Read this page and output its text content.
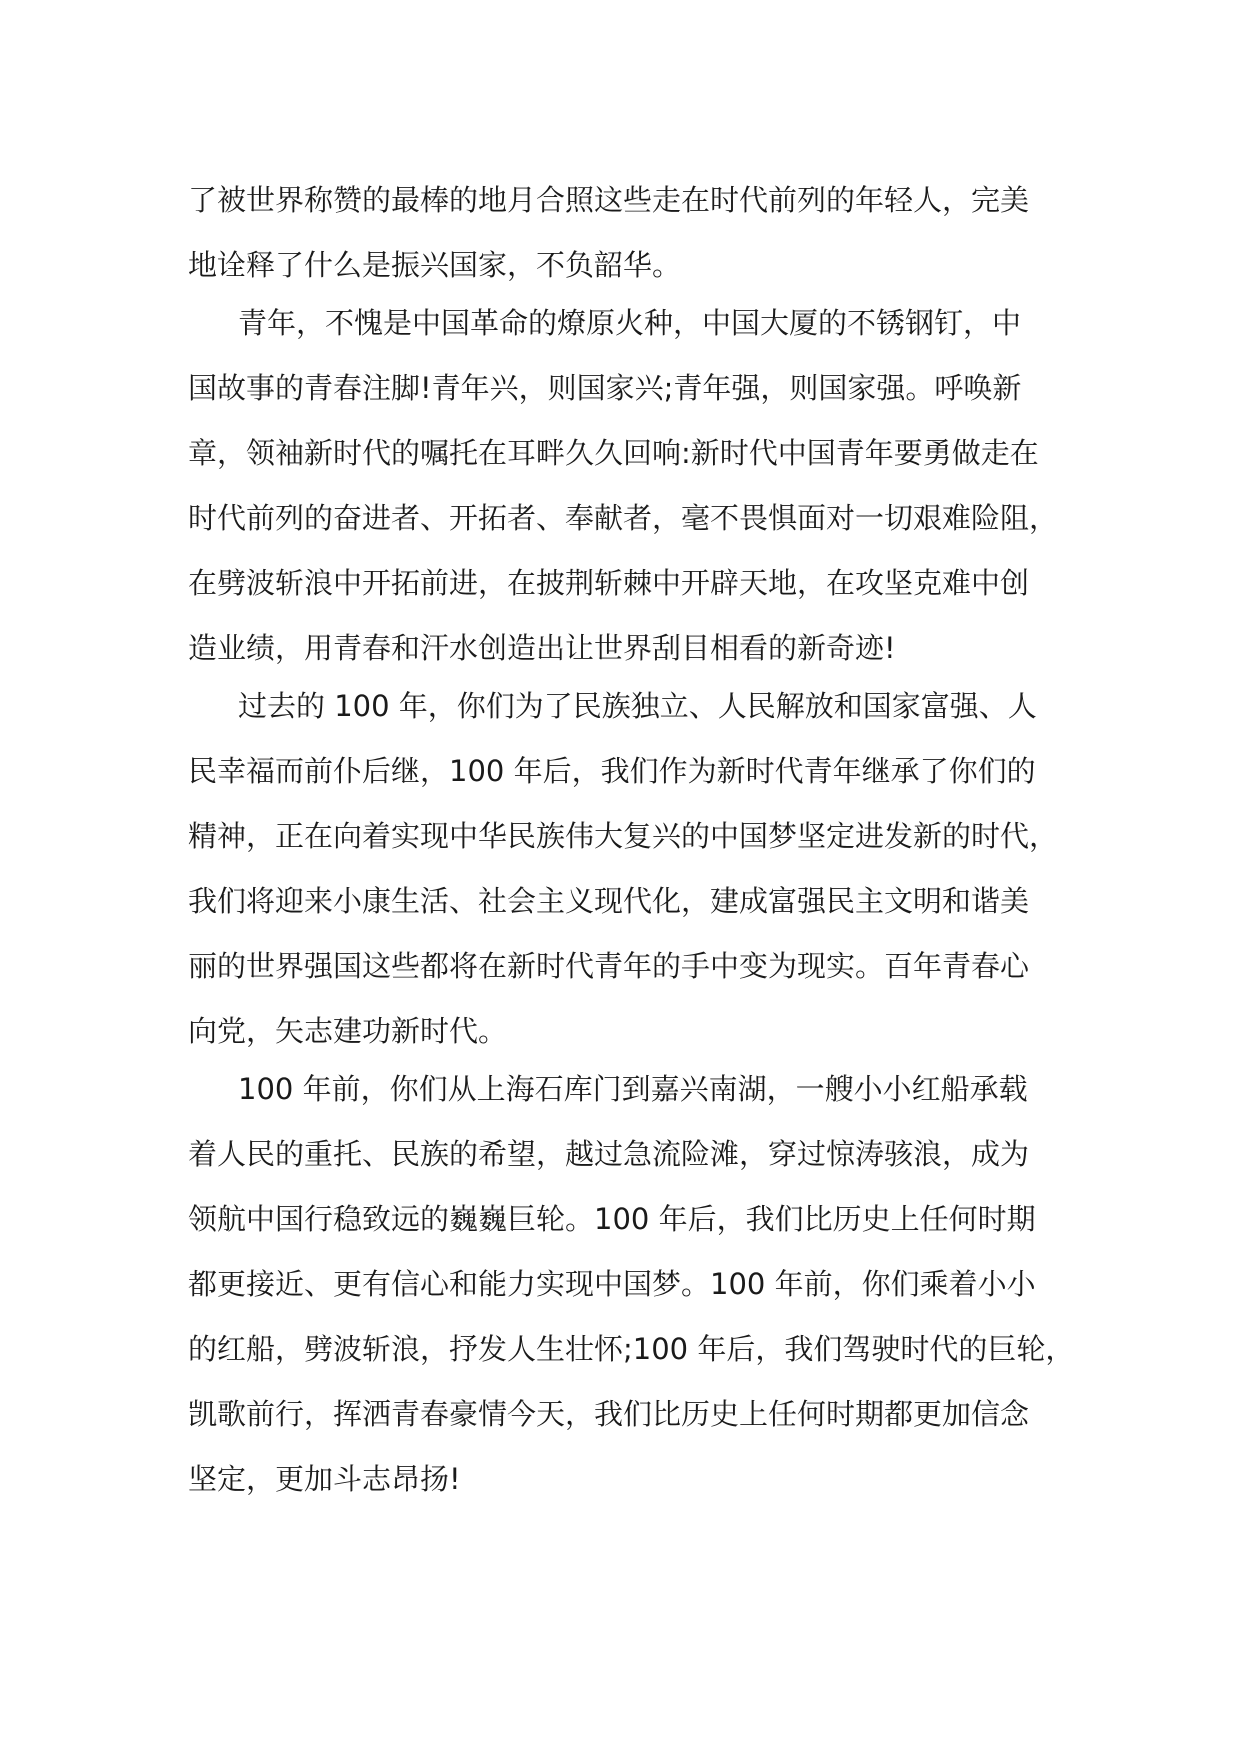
了被世界称赞的最棒的地月合照这些走在时代前列的年轻人，完美
地诠释了什么是振兴国家，不负韶华。
青年，不愧是中国革命的燎原火种，中国大厦的不锈钢钉，中
国故事的青春注脚!青年兴，则国家兴;青年强，则国家强。呼唤新
章，领袖新时代的嘱托在耳畔久久回响:新时代中国青年要勇做走在
时代前列的奋进者、开拓者、奉献者，毫不畏惧面对一切艰难险阻，
在劈波斩浪中开拓前进，在披荆斩棘中开辟天地，在攻坚克难中创
造业绩，用青春和汗水创造出让世界刮目相看的新奇迹!
过去的 100 年，你们为了民族独立、人民解放和国家富强、人
民幸福而前仆后继，100 年后，我们作为新时代青年继承了你们的
精神，正在向着实现中华民族伟大复兴的中国梦坚定进发新的时代，
我们将迎来小康生活、社会主义现代化，建成富强民主文明和谐美
丽的世界强国这些都将在新时代青年的手中变为现实。百年青春心
向党，矢志建功新时代。
100 年前，你们从上海石库门到嘉兴南湖，一艘小小红船承载
着人民的重托、民族的希望，越过急流险滩，穿过惊涛骇浪，成为
领航中国行稳致远的巍巍巨轮。100 年后，我们比历史上任何时期
都更接近、更有信心和能力实现中国梦。100 年前，你们乘着小小
的红船，劈波斩浪，抒发人生壮怀;100 年后，我们驾驶时代的巨轮，
凯歌前行，挥洒青春豪情今天，我们比历史上任何时期都更加信念
坚定，更加斗志昂扬!
